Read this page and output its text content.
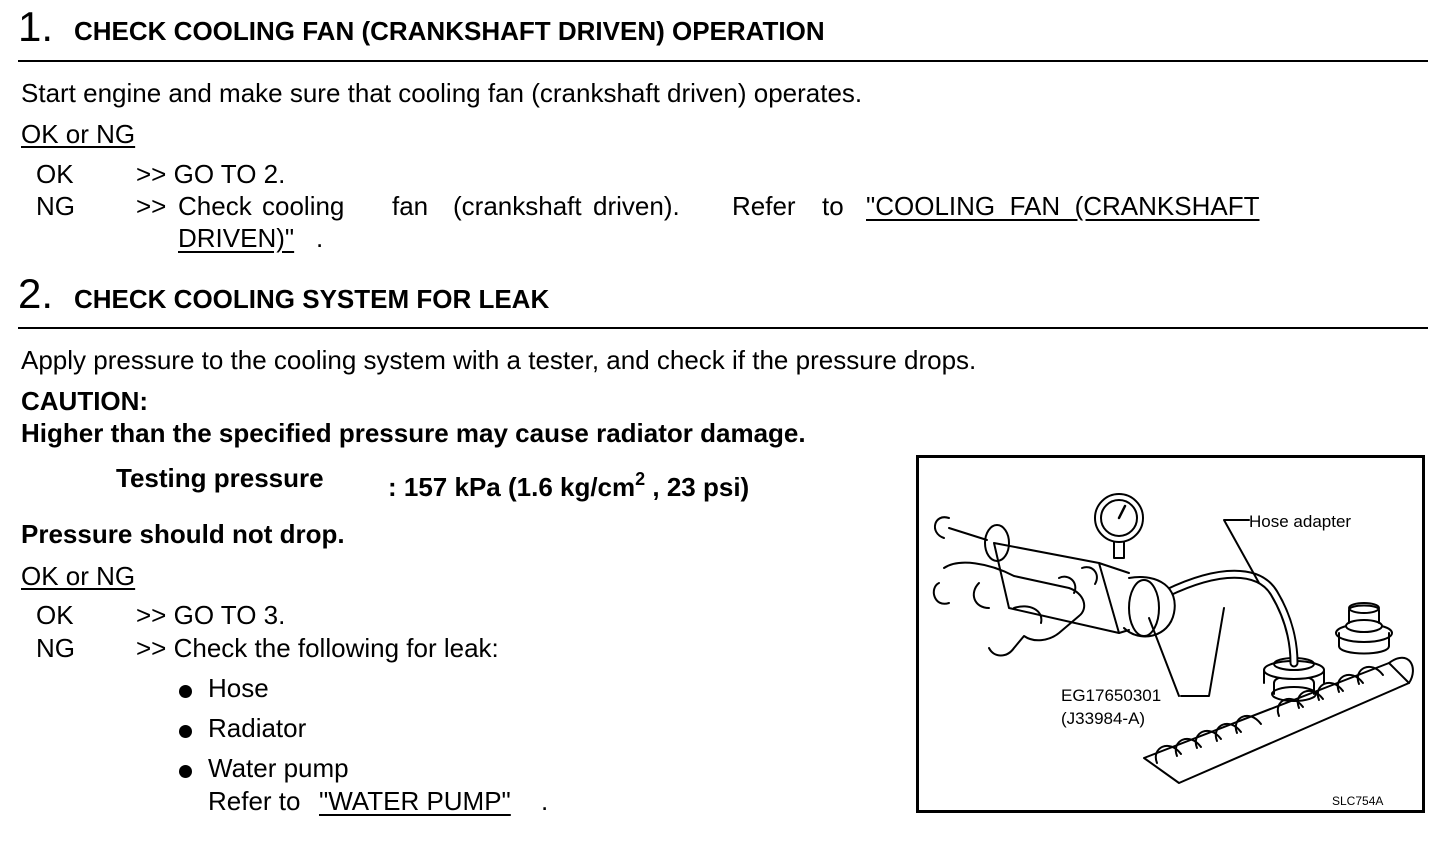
1. CHECK COOLING FAN (CRANKSHAFT DRIVEN) OPERATION
Start engine and make sure that cooling fan (crankshaft driven) operates.
OK or NG
OK >> GO TO 2.
NG >> Check cooling fan (crankshaft driven). Refer to "COOLING  FAN  (CRANKSHAFT
DRIVEN)" .
2. CHECK COOLING SYSTEM FOR LEAK
Apply pressure to the cooling system with a tester, and check if the pressure drops.
CAUTION:
Higher than the specified pressure may cause radiator damage.
Testing pressure : 157 kPa (1.6 $kg/cm^2$ , 23 psi)
Pressure should not drop.
OK or NG
OK >> GO TO 3.
NG >> Check the following for leak:
Hose
Radiator
Water pump
Refer to "WATER PUMP" .
Hose adapter
EG17650301
(J33984-A)
SLC754A
